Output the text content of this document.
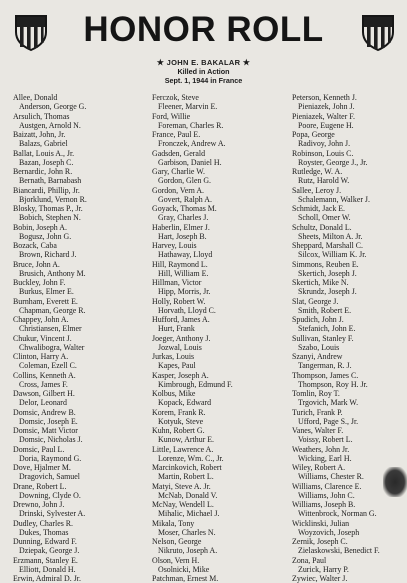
HONOR ROLL
★ JOHN E. BAKALAR ★
Killed in Action
Sept. 1, 1944 in France
Allee, Donald
Anderson, George G.
Arsulich, Thomas
Austgen, Arnold N.
Baizatt, John, Jr.
Balazs, Gabriel
Ballat, Louis A., Jr.
Bazan, Joseph C.
Bernardic, John R.
Bernath, Barnabash
Biancardi, Phillip, Jr.
Bjorklund, Vernon R.
Blosky, Thomas P., Jr.
Bobich, Stephen N.
Bobin, Joseph A.
Bogusz, John G.
Bozack, Caba
Brown, Richard J.
Bruce, John A.
Brusich, Anthony M.
Buckley, John F.
Burkus, Elmer E.
Burnham, Everett E.
Chapman, George R.
Chappey, John A.
Christiansen, Elmer
Chukur, Vincent J.
Chwalibogra, Walter
Clinton, Harry A.
Coleman, Ezell C.
Collins, Kenneth A.
Cross, James F.
Dawson, Gilbert H.
Delor, Leonard
Domsic, Andrew B.
Domsic, Joseph E.
Domsic, Matt Victor
Domsic, Nicholas J.
Domsic, Paul L.
Doria, Raymond G.
Dove, Hjalmer M.
Dragovich, Samuel
Drane, Robert L.
Downing, Clyde O.
Drewno, John J.
Drinski, Sylvester A.
Dudley, Charles R.
Dukes, Thomas
Dunning, Edward F.
Dziepak, George J.
Erzmann, Stanley E.
Elliott, Donald H.
Erwin, Admiral D. Jr.
Ferczok, Steve
Fleener, Marvin E.
Ford, Willie
Foreman, Charles R.
France, Paul E.
Fronczek, Andrew A.
Gadsden, Gerald
Garbison, Daniel H.
Gary, Charlie W.
Gordon, Glen G.
Gordon, Vern A.
Govert, Ralph A.
Goyack, Thomas M.
Gray, Charles J.
Haberlin, Elmer J.
Hart, Joseph B.
Harvey, Louis
Hathaway, Lloyd
Hill, Raymond L.
Hill, William E.
Hillman, Victor
Hipp, Morris, Jr.
Holly, Robert W.
Horvath, Lloyd C.
Hufford, James A.
Hurt, Frank
Joeger, Anthony J.
Jozwal, Louis
Jurkas, Louis
Kapes, Paul
Kasper, Joseph A.
Kimbrough, Edmund F.
Kolbus, Mike
Kopack, Edward
Korem, Frank R.
Kotyuk, Steve
Kuhn, Robert G.
Kunow, Arthur E.
Little, Lawrence A.
Lorenze, Wm. C., Jr.
Marcinkovich, Robert
Martin, Robert L.
Matyi, Steve A. Jr.
McNab, Donald V.
McNay, Wendell L.
Mihalic, Michael J.
Mikala, Tony
Moser, Charles N.
Nelson, George
Nikruto, Joseph A.
Olson, Vern H.
Osolnicki, Mike
Patchman, Ernest M.
Peterson, Kenneth J.
Pieniazek, John J.
Pieniazek, Walter F.
Poore, Eugene H.
Popa, George
Radivoy, John J.
Robinson, Louis C.
Royster, George J., Jr.
Rutledge, W. A.
Rutz, Harold W.
Sallee, Leroy J.
Schalemann, Walker J.
Schmidt, Jack E.
Scholl, Omer W.
Schultz, Donald L.
Sheets, Milton A. Jr.
Sheppard, Marshall C.
Silcox, William K. Jr.
Simmons, Reuben E.
Skertich, Joseph J.
Skertich, Mike N.
Skrundz, Joseph J.
Slat, George J.
Smith, Robert E.
Spudich, John J.
Stefanich, John E.
Sullivan, Stanley F.
Szabo, Louis
Szanyi, Andrew
Tangerman, R. J.
Thompson, James C.
Thompson, Roy H. Jr.
Tomlin, Roy T.
Trgovich, Mark W.
Turich, Frank P.
Ufford, Page S., Jr.
Vanes, Walter F.
Voissy, Robert L.
Weathers, John Jr.
Wicking, Earl H.
Wiley, Robert A.
Williams, Chester R.
Williams, Clarence E.
Williams, John C.
Williams, Joseph B.
Wittenbrock, Norman G.
Wicklinski, Julian
Woyzovich, Joseph
Zernik, Joseph C.
Zielaskowski, Benedict F.
Zona, Paul
Zurick, Harry P.
Zywiec, Walter J.
